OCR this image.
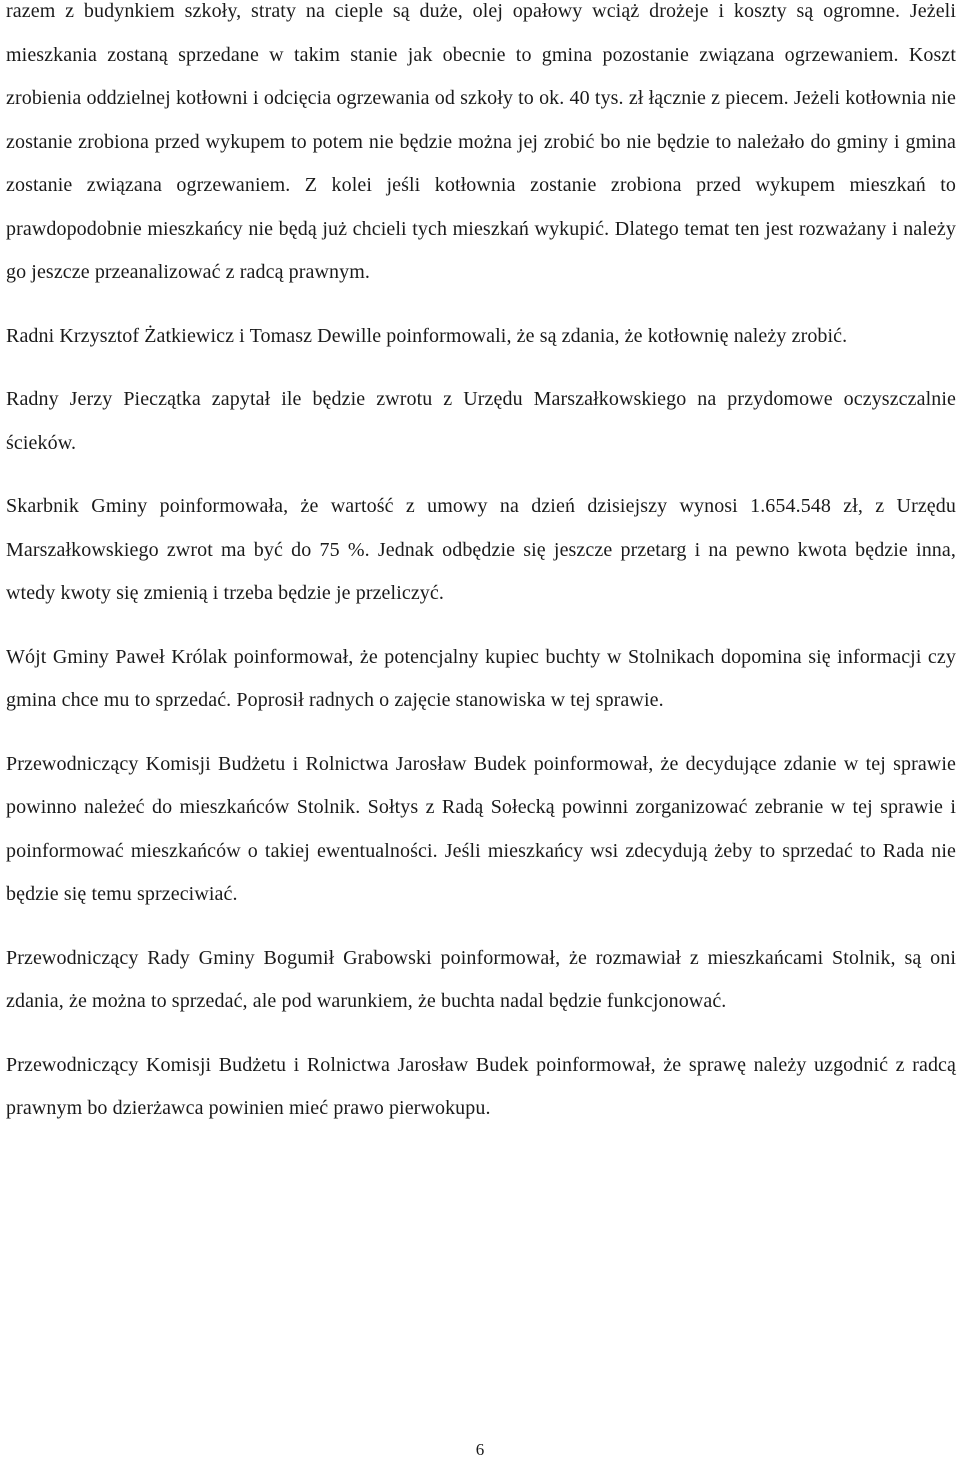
razem z budynkiem szkoły, straty na cieple są duże, olej opałowy wciąż drożeje i koszty są ogromne. Jeżeli mieszkania zostaną sprzedane w takim stanie jak obecnie to gmina pozostanie związana ogrzewaniem. Koszt zrobienia oddzielnej kotłowni i odcięcia ogrzewania od szkoły to ok. 40 tys. zł łącznie z piecem. Jeżeli kotłownia nie zostanie zrobiona przed wykupem to potem nie będzie można jej zrobić bo nie będzie to należało do gminy i gmina zostanie związana ogrzewaniem. Z kolei jeśli kotłownia zostanie zrobiona przed wykupem mieszkań to prawdopodobnie mieszkańcy nie będą już chcieli tych mieszkań wykupić. Dlatego temat ten jest rozważany i należy go jeszcze przeanalizować z radcą prawnym.

Radni Krzysztof Żatkiewicz i Tomasz Dewille poinformowali, że są zdania, że kotłownię należy zrobić.

Radny Jerzy Pieczątka zapytał ile będzie zwrotu z Urzędu Marszałkowskiego na przydomowe oczyszczalnie ścieków.

Skarbnik Gminy poinformowała, że wartość z umowy na dzień dzisiejszy wynosi 1.654.548 zł, z Urzędu Marszałkowskiego zwrot ma być do 75 %. Jednak odbędzie się jeszcze przetarg i na pewno kwota będzie inna, wtedy kwoty się zmienią i trzeba będzie je przeliczyć.

Wójt Gminy Paweł Królak poinformował, że potencjalny kupiec buchty w Stolnikach dopomina się informacji czy gmina chce mu to sprzedać. Poprosił radnych o zajęcie stanowiska w tej sprawie.

Przewodniczący Komisji Budżetu i Rolnictwa Jarosław Budek poinformował, że decydujące zdanie w tej sprawie powinno należeć do mieszkańców Stolnik. Sołtys z Radą Sołecką powinni zorganizować zebranie w tej sprawie i poinformować mieszkańców o takiej ewentualności. Jeśli mieszkańcy wsi zdecydują żeby to sprzedać to Rada nie będzie się temu sprzeciwiać.

Przewodniczący Rady Gminy Bogumił Grabowski poinformował, że rozmawiał z mieszkańcami Stolnik, są oni zdania, że można to sprzedać, ale pod warunkiem, że buchta nadal będzie funkcjonować.

Przewodniczący Komisji Budżetu i Rolnictwa Jarosław Budek poinformował, że sprawę należy uzgodnić z radcą prawnym bo dzierżawca powinien mieć prawo pierwokupu.

6
